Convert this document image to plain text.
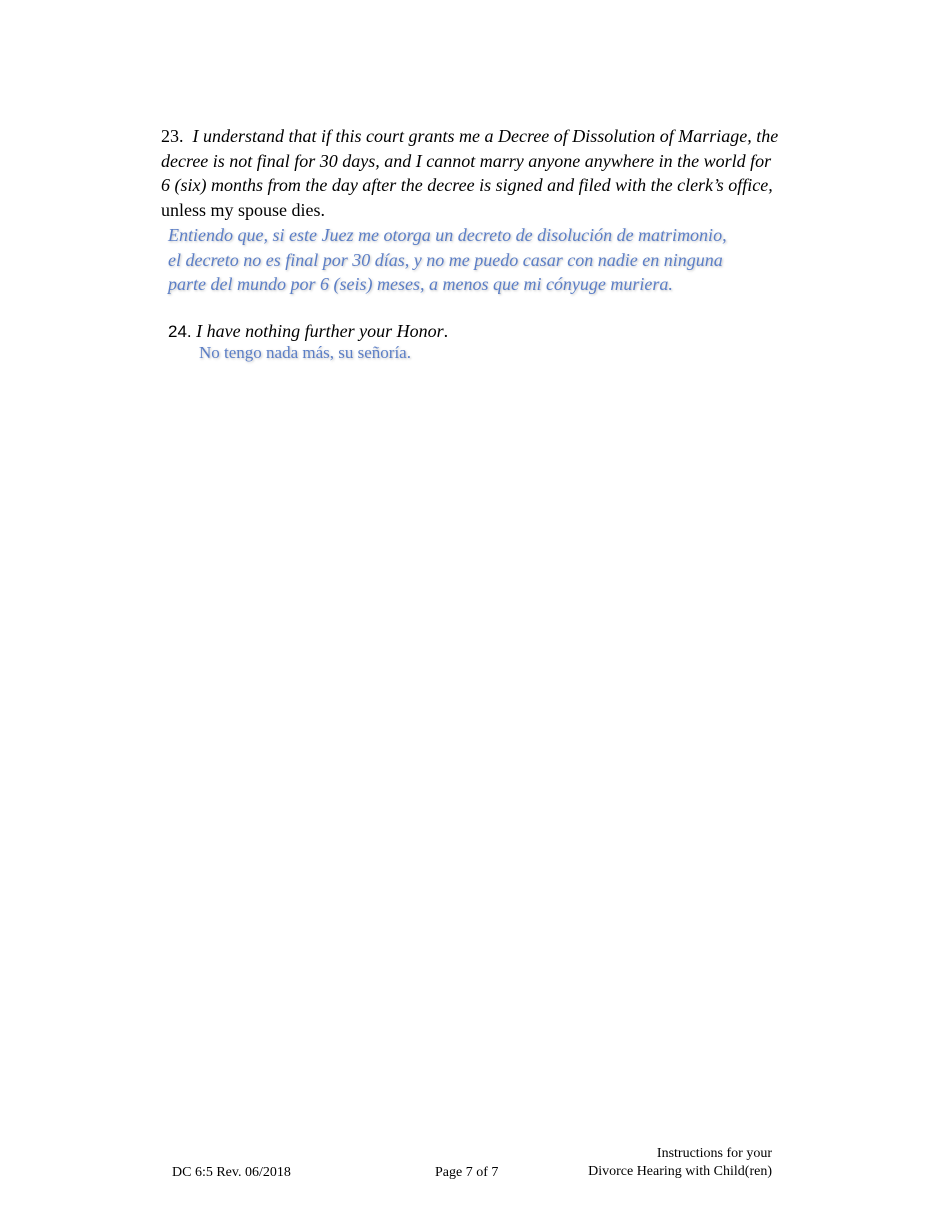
23. I understand that if this court grants me a Decree of Dissolution of Marriage, the decree is not final for 30 days, and I cannot marry anyone anywhere in the world for 6 (six) months from the day after the decree is signed and filed with the clerk’s office, unless my spouse dies.
Entiendo que, si este Juez me otorga un decreto de disolución de matrimonio,
el decreto no es final por 30 días, y no me puedo casar con nadie en ninguna
parte del mundo por 6 (seis) meses, a menos que mi cónyuge muriera.
24. I have nothing further your Honor.
No tengo nada más, su señoría.
DC 6:5 Rev. 06/2018	Page 7 of 7
Instructions for your
Divorce Hearing with Child(ren)
